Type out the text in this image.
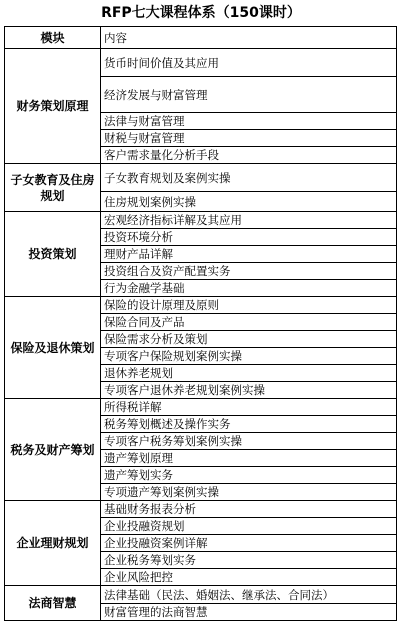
RFP七大课程体系（150课时）
模块	内容
财务策划原理	货币时间价值及其应用
	经济发展与财富管理
	法律与财富管理
	财税与财富管理
	客户需求量化分析手段
子女教育及住房规划	子女教育规划及案例实操
	住房规划案例实操
投资策划	宏观经济指标详解及其应用
	投资环境分析
	理财产品详解
	投资组合及资产配置实务
	行为金融学基础
保险及退休策划	保险的设计原理及原则
	保险合同及产品
	保险需求分析及策划
	专项客户保险规划案例实操
	退休养老规划
	专项客户退休养老规划案例实操
税务及财产筹划	所得税详解
	税务筹划概述及操作实务
	专项客户税务筹划案例实操
	遗产筹划原理
	遗产筹划实务
	专项遗产筹划案例实操
企业理财规划	基础财务报表分析
	企业投融资规划
	企业投融资案例详解
	企业税务筹划实务
	企业风险把控
法商智慧	法律基础（民法、婚姻法、继承法、合同法）
	财富管理的法商智慧
